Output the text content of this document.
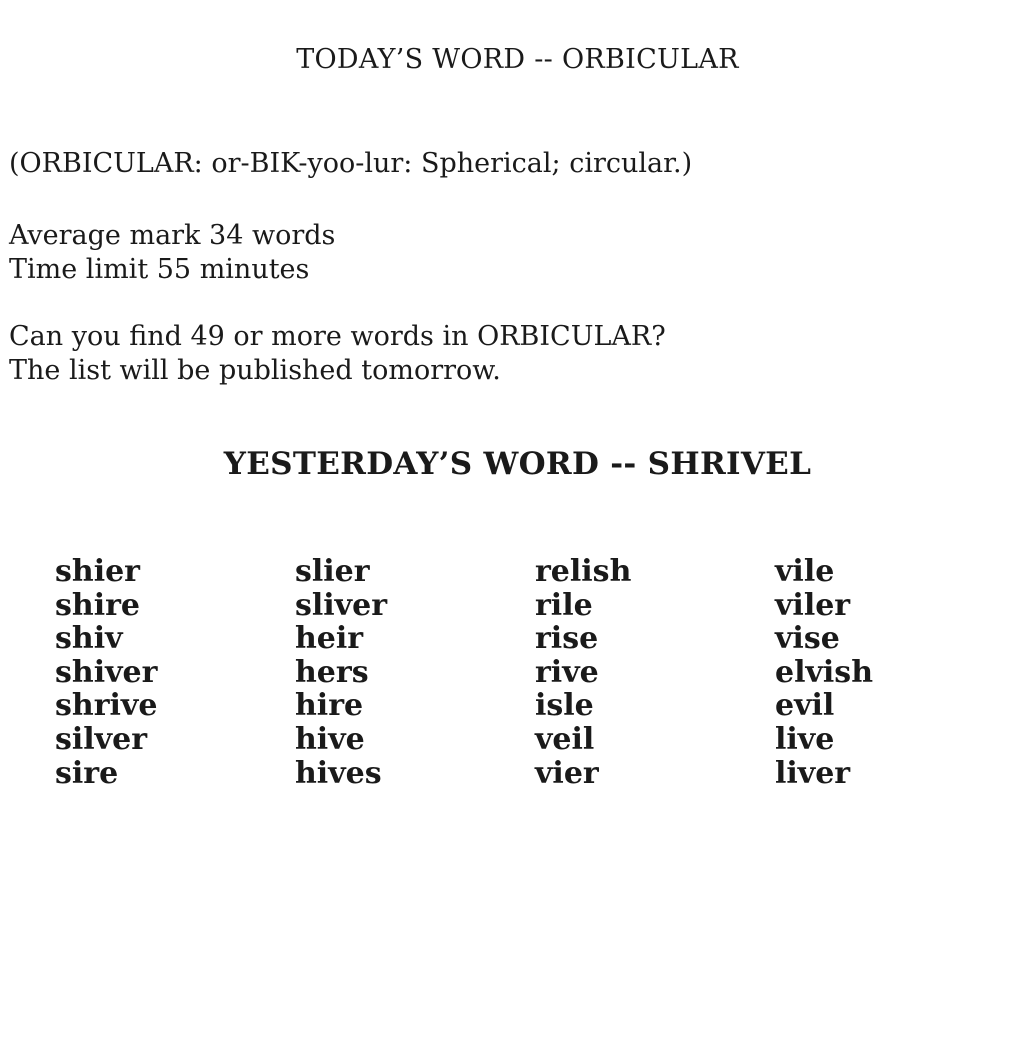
TODAY’S WORD -- ORBICULAR
(ORBICULAR: or-BIK-yoo-lur: Spherical; circular.)
Average mark 34 words
Time limit 55 minutes
Can you find 49 or more words in ORBICULAR?
The list will be published tomorrow.
YESTERDAY’S WORD -- SHRIVEL
shier
shire
shiv
shiver
shrive
silver
sire
slier
sliver
heir
hers
hire
hive
hives
relish
rile
rise
rive
isle
veil
vier
vile
viler
vise
elvish
evil
live
liver
